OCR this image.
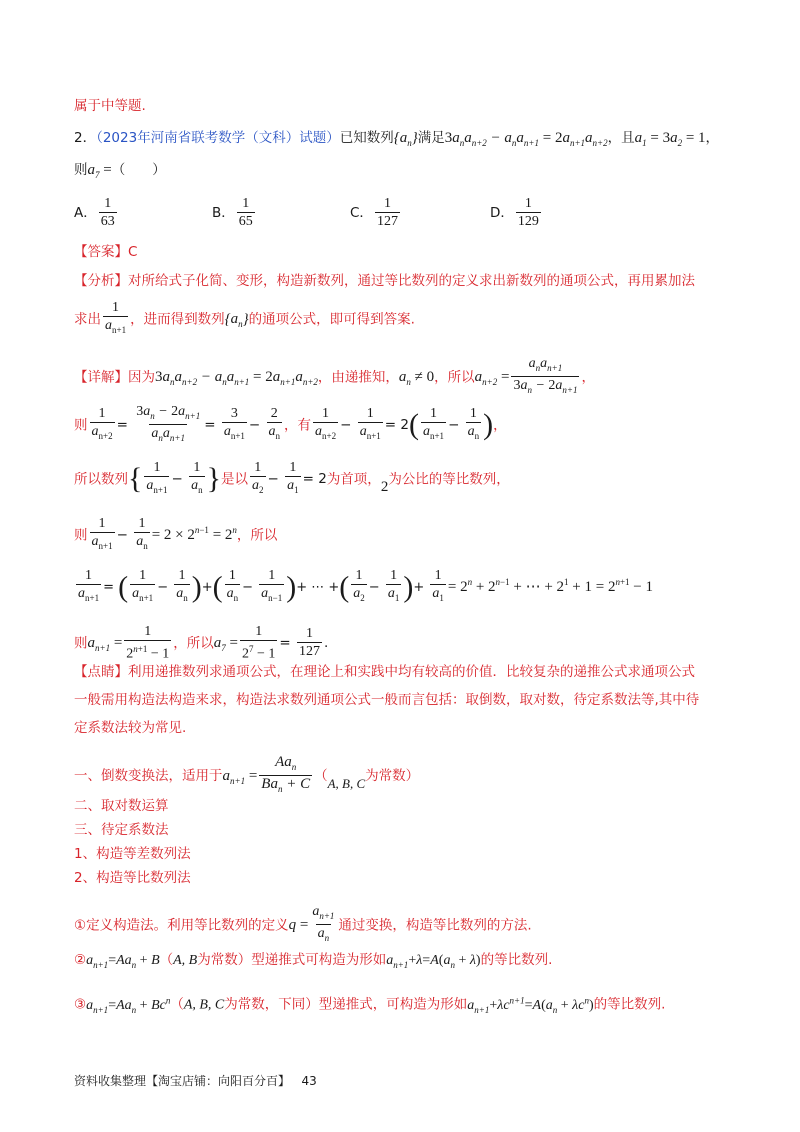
属于中等题.
2．（2023年河南省联考数学（文科）试题）已知数列$\{a_n\}$满足$3a_na_{n+2} - a_na_{n+1} = 2a_{n+1}a_{n+2}$，且$a_1 = 3a_2 = 1$，
则$a_7$ =（　　）
A． $\frac{1}{63}$	B． $\frac{1}{65}$	C． $\frac{1}{127}$	D． $\frac{1}{129}$
【答案】C
【分析】对所给式子化简、变形，构造新数列，通过等比数列的定义求出新数列的通项公式，再用累加法
求出 $\frac{1}{a_{n+1}}$ ，进而得到数列$\{a_n\}$的通项公式，即可得到答案.
【详解】因为$3a_na_{n+2} - a_na_{n+1} = 2a_{n+1}a_{n+2}$，由递推知，$a_n \ne 0$，所以$a_{n+2} = \frac{a_na_{n+1}}{3a_n - 2a_{n+1}}$ ，
则 $\frac{1}{a_{n+2}} = \frac{3a_n - 2a_{n+1}}{a_na_{n+1}} = \frac{3}{a_{n+1}} - \frac{2}{a_n}$ ，有 $\frac{1}{a_{n+2}} - \frac{1}{a_{n+1}} = 2( \frac{1}{a_{n+1}} - \frac{1}{a_n}$ )，
所以数列{ $\frac{1}{a_{n+1}} - \frac{1}{a_n}$ }是以 $\frac{1}{a_2} - \frac{1}{a_1} = 2$为首项，2为公比的等比数列，
则 $\frac{1}{a_{n+1}} - \frac{1}{a_n} = 2 \times 2^{n-1} = 2^n$，所以
$\frac{1}{a_{n+1}}$ = ( $\frac{1}{a_{n+1}} - \frac{1}{a_n}$ )+( $\frac{1}{a_n} - \frac{1}{a_{n-1}}$ )+ ⋯ +( $\frac{1}{a_2} - \frac{1}{a_1}$ )+ $\frac{1}{a_1} = 2^n + 2^{n-1}$ + ⋯ + $2^1 + 1 = 2^{n+1} - 1$
则$a_{n+1} = \frac{1}{2^{n+1} - 1}$ ，所以$a_7 = \frac{1}{2^7 - 1} = \frac{1}{127}$ .
【点睛】利用递推数列求通项公式，在理论上和实践中均有较高的价值．比较复杂的递推公式求通项公式
一般需用构造法构造来求，构造法求数列通项公式一般而言包括：取倒数，取对数，待定系数法等,其中待
定系数法较为常见.
一、倒数变换法，适用于$a_{n+1} = \frac{Aa_n}{Ba_n + C} (A$, B, C为常数）
二、取对数运算
三、待定系数法
1、构造等差数列法
2、构造等比数列法
①定义构造法。利用等比数列的定义$q = \frac{a_{n+1}}{a_n}$ 通过变换，构造等比数列的方法.
$②a_{n+1}=Aa_n + B(A$, B为常数）型递推式可构造为形如$a_{n+1}+\lambda=A(a_n + \lambda)$的等比数列.
$③a_{n+1}=Aa_n + Bc^n(A$, B, C为常数，下同）型递推式，可构造为形如$a_{n+1}+\lambda c^{n+1}=A(a_n + \lambda c^n)$的等比数列.
资料收集整理【淘宝店铺：向阳百分百】 43
